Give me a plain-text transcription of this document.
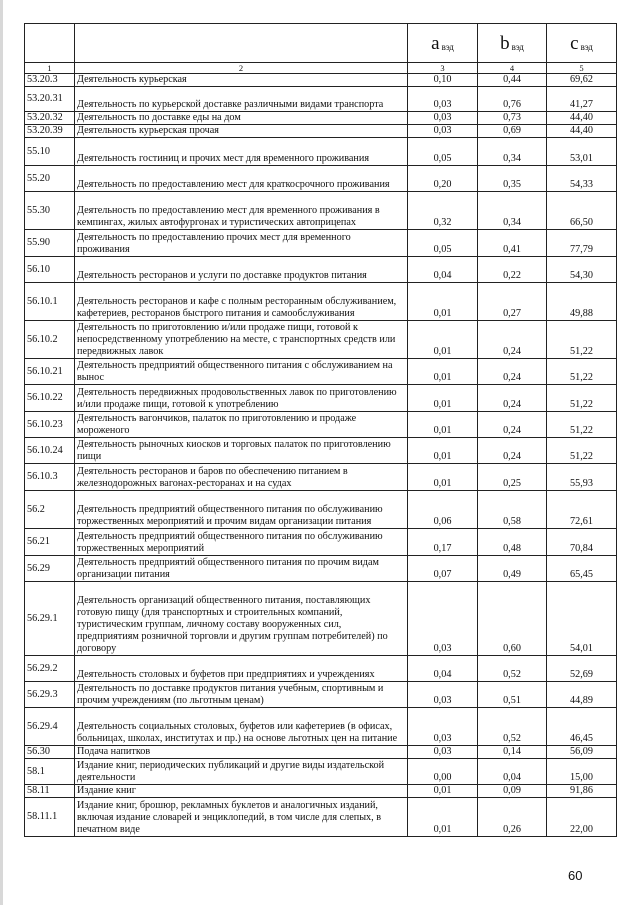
		a $_{вэд}$	b $_{вэд}$	c $_{вэд}$
1	2	3	4	5
53.20.3	Деятельность курьерская	0,10	0,44	69,62
53.20.31	Деятельность по курьерской доставке различными видами транспорта	0,03	0,76	41,27
53.20.32	Деятельность по доставке еды на дом	0,03	0,73	44,40
53.20.39	Деятельность курьерская прочая	0,03	0,69	44,40
55.10	Деятельность гостиниц и прочих мест для временного проживания	0,05	0,34	53,01
55.20	Деятельность по предоставлению мест для краткосрочного проживания	0,20	0,35	54,33
55.30	Деятельность по предоставлению мест для временного проживания в кемпингах, жилых автофургонах и туристических автоприцепах	0,32	0,34	66,50
55.90	Деятельность по предоставлению прочих мест для временного проживания	0,05	0,41	77,79
56.10	Деятельность ресторанов и услуги по доставке продуктов питания	0,04	0,22	54,30
56.10.1	Деятельность ресторанов и кафе с полным ресторанным обслуживанием, кафетериев, ресторанов быстрого питания и самообслуживания	0,01	0,27	49,88
56.10.2	Деятельность по приготовлению и/или продаже пищи, готовой к непосредственному употреблению на месте, с транспортных средств или передвижных лавок	0,01	0,24	51,22
56.10.21	Деятельность предприятий общественного питания с обслуживанием на вынос	0,01	0,24	51,22
56.10.22	Деятельность передвижных продовольственных лавок по приготовлению и/или продаже пищи, готовой к употреблению	0,01	0,24	51,22
56.10.23	Деятельность вагончиков, палаток по приготовлению и продаже мороженого	0,01	0,24	51,22
56.10.24	Деятельность рыночных киосков и торговых палаток по приготовлению пищи	0,01	0,24	51,22
56.10.3	Деятельность ресторанов и баров по обеспечению питанием в железнодорожных вагонах-ресторанах и на судах	0,01	0,25	55,93
56.2	Деятельность предприятий общественного питания по обслуживанию торжественных мероприятий и прочим видам организации питания	0,06	0,58	72,61
56.21	Деятельность предприятий общественного питания по обслуживанию торжественных мероприятий	0,17	0,48	70,84
56.29	Деятельность предприятий общественного питания по прочим видам организации питания	0,07	0,49	65,45
56.29.1	Деятельность организаций общественного питания, поставляющих готовую пищу (для транспортных и строительных компаний, туристическим группам, личному составу вооруженных сил, предприятиям розничной торговли и другим группам потребителей) по договору	0,03	0,60	54,01
56.29.2	Деятельность столовых и буфетов при предприятиях и учреждениях	0,04	0,52	52,69
56.29.3	Деятельность по доставке продуктов питания учебным, спортивным и прочим учреждениям (по льготным ценам)	0,03	0,51	44,89
56.29.4	Деятельность социальных столовых, буфетов или кафетериев (в офисах, больницах, школах, институтах и пр.) на основе льготных цен на питание	0,03	0,52	46,45
56.30	Подача напитков	0,03	0,14	56,09
58.1	Издание книг, периодических публикаций и другие виды издательской деятельности	0,00	0,04	15,00
58.11	Издание книг	0,01	0,09	91,86
58.11.1	Издание книг, брошюр, рекламных буклетов и аналогичных изданий, включая издание словарей и энциклопедий, в том числе для слепых, в печатном виде	0,01	0,26	22,00
60
